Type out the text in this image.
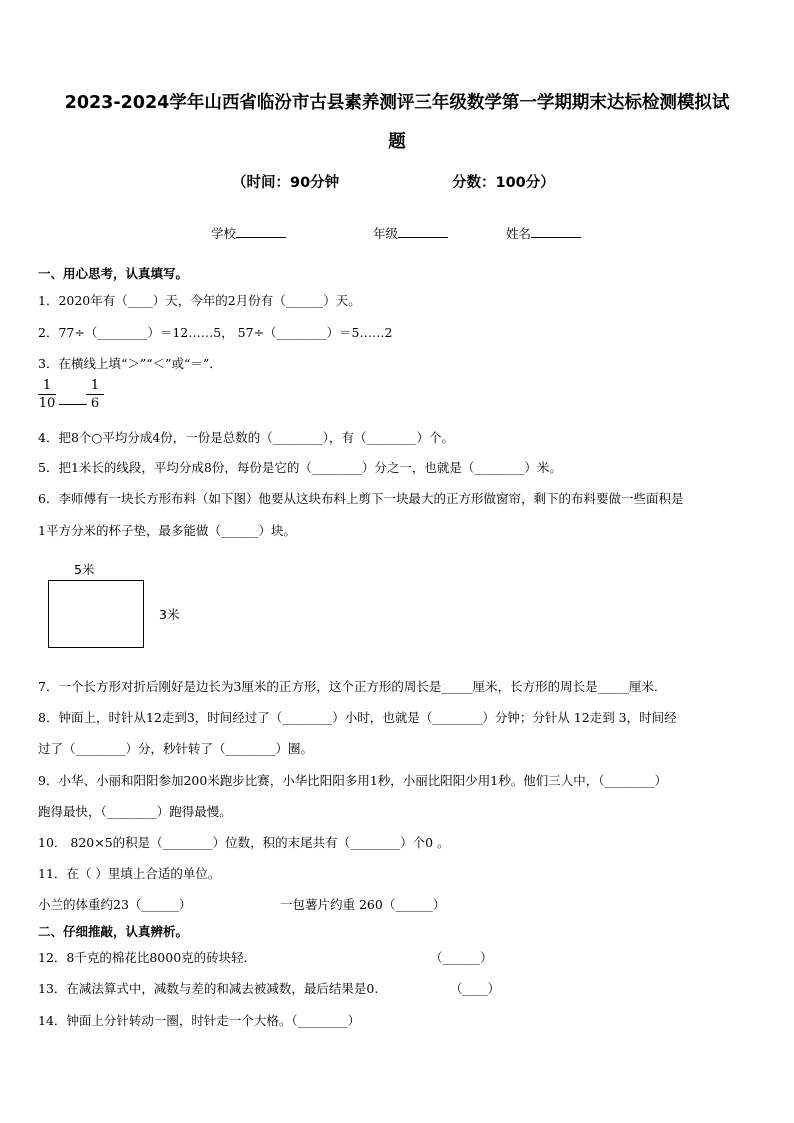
2023-2024学年山西省临汾市古县素养测评三年级数学第一学期期末达标检测模拟试
题
（时间：90分钟	分数：100分）
学校	年级	姓名
一、用心思考，认真填写。
1．2020年有（____）天，今年的2月份有（______）天。
2．77÷（________）＝12……5， 57÷（________）＝5……2
3．在横线上填“＞”“＜”或“＝”．
1
10
1
6
4．把8个○平均分成4份，一份是总数的（________），有（________）个。
5．把1米长的线段，平均分成8份，每份是它的（________）分之一，也就是（________）米。
6．李师傅有一块长方形布料（如下图）他要从这块布料上剪下一块最大的正方形做窗帘，剩下的布料要做一些面积是
1平方分米的杯子垫，最多能做（______）块。
5米
3米
7．一个长方形对折后刚好是边长为3厘米的正方形，这个正方形的周长是_____厘米，长方形的周长是_____厘米．
8．钟面上，时针从12走到3，时间经过了（________）小时，也就是（________）分钟；分针从 12走到 3，时间经
过了（________）分，秒针转了（________）圈。
9．小华、小丽和阳阳参加200米跑步比赛，小华比阳阳多用1秒，小丽比阳阳少用1秒。他们三人中，（________）
跑得最快，（________）跑得最慢。
10． 820×5的积是（________）位数，积的末尾共有（________）个0 。
11．在（ ）里填上合适的单位。
小兰的体重约23（______）	一包薯片约重 260（______）
二、仔细推敲，认真辨析。
12．8千克的棉花比8000克的砖块轻．	（______）
13．在减法算式中，减数与差的和减去被减数，最后结果是0.	（____）
14．钟面上分针转动一圈，时针走一个大格。（________）
